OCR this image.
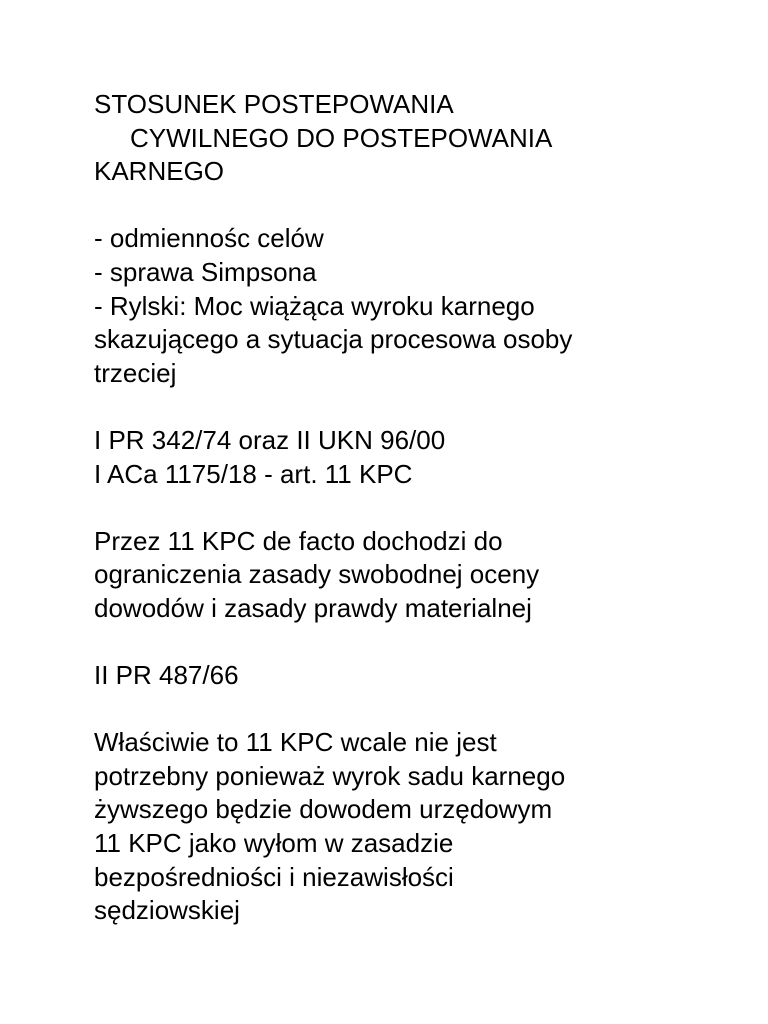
STOSUNEK POSTEPOWANIA
CYWILNEGO DO POSTEPOWANIA
KARNEGO
- odmiennośc celów
- sprawa Simpsona
- Rylski: Moc wiążąca wyroku karnego
skazującego a sytuacja procesowa osoby
trzeciej
I PR 342/74 oraz II UKN 96/00
I ACa 1175/18 - art. 11 KPC
Przez 11 KPC de facto dochodzi do
ograniczenia zasady swobodnej oceny
dowodów i zasady prawdy materialnej
II PR 487/66
Właściwie to 11 KPC wcale nie jest
potrzebny ponieważ wyrok sadu karnego
żywszego będzie dowodem urzędowym
11 KPC jako wyłom w zasadzie
bezpośredniości i niezawisłości
sędziowskiej
